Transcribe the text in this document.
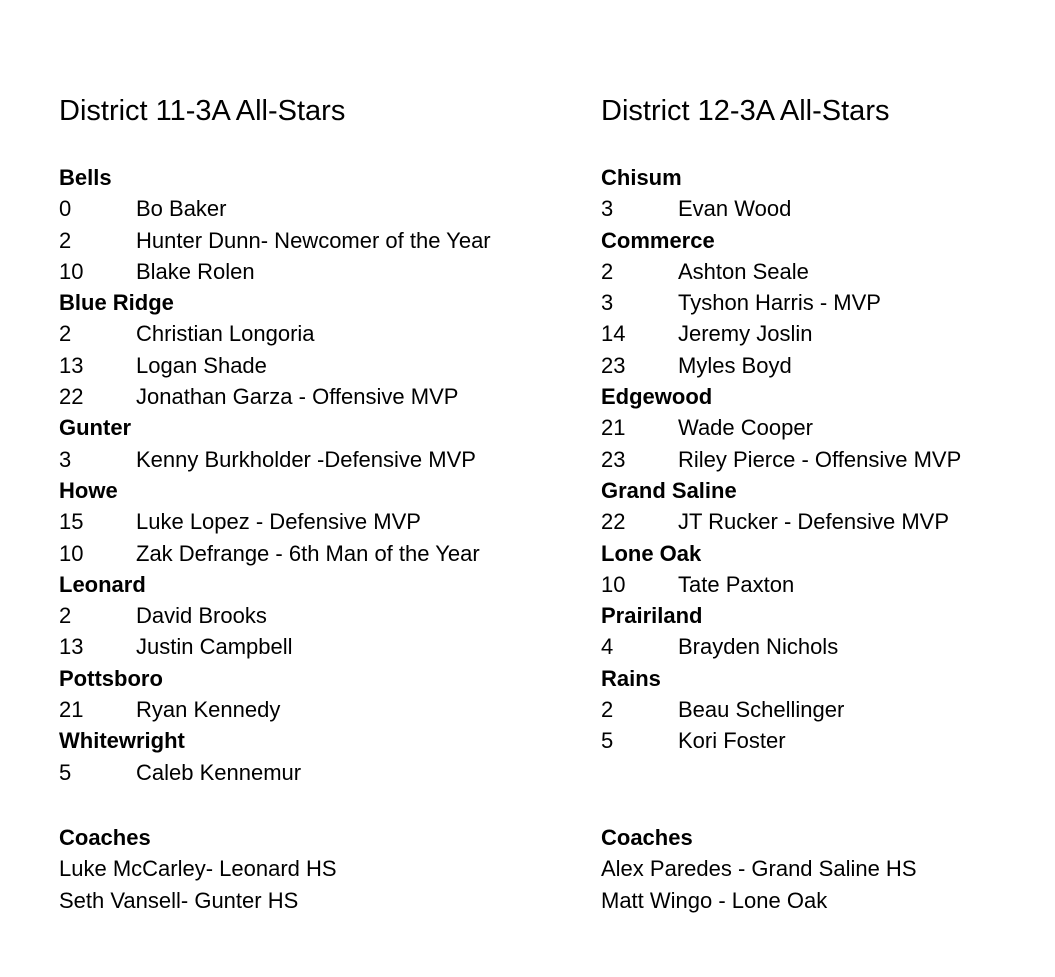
District 11-3A All-Stars
Bells
0	Bo Baker
2	Hunter Dunn- Newcomer of the Year
10	Blake Rolen
Blue Ridge
2	Christian Longoria
13	Logan Shade
22	Jonathan Garza - Offensive MVP
Gunter
3	Kenny Burkholder -Defensive MVP
Howe
15	Luke Lopez - Defensive MVP
10	Zak Defrange - 6th Man of the Year
Leonard
2	David Brooks
13	Justin Campbell
Pottsboro
21	Ryan Kennedy
Whitewright
5	Caleb Kennemur
District 12-3A All-Stars
Chisum
3	Evan Wood
Commerce
2	Ashton Seale
3	Tyshon Harris - MVP
14	Jeremy Joslin
23	Myles Boyd
Edgewood
21	Wade Cooper
23	Riley Pierce - Offensive MVP
Grand Saline
22	JT Rucker - Defensive MVP
Lone Oak
10	Tate Paxton
Prairiland
4	Brayden Nichols
Rains
2	Beau Schellinger
5	Kori Foster
Coaches
Luke McCarley- Leonard HS
Seth Vansell- Gunter HS
Coaches
Alex Paredes - Grand Saline HS
Matt Wingo - Lone Oak
